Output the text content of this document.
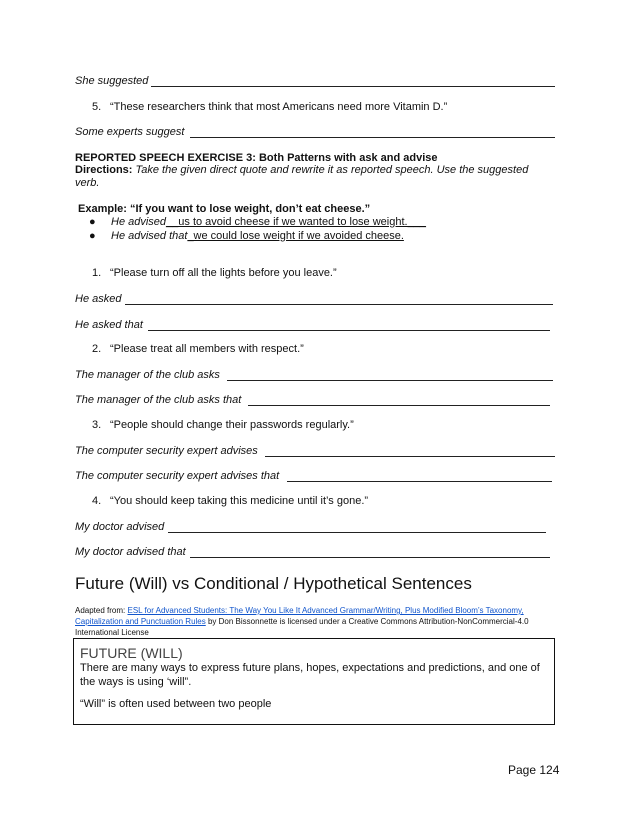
She suggested
5. “These researchers think that most Americans need more Vitamin D.”
Some experts suggest
REPORTED SPEECH EXERCISE 3: Both Patterns with ask and advise
Directions: Take the given direct quote and rewrite it as reported speech. Use the suggested verb.
Example: “If you want to lose weight, don’t eat cheese.”
● He advised__us to avoid cheese if we wanted to lose weight.___
● He advised that_we could lose weight if we avoided cheese.
1. “Please turn off all the lights before you leave.”
He asked
He asked that
2. “Please treat all members with respect.”
The manager of the club asks
The manager of the club asks that
3. “People should change their passwords regularly.”
The computer security expert advises
The computer security expert advises that
4. “You should keep taking this medicine until it’s gone.”
My doctor advised
My doctor advised that
Future (Will) vs Conditional / Hypothetical Sentences
Adapted from: ESL for Advanced Students: The Way You Like It Advanced Grammar/Writing, Plus Modified Bloom’s Taxonomy, Capitalization and Punctuation Rules by Don Bissonnette is licensed under a Creative Commons Attribution-NonCommercial-4.0 International License
FUTURE (WILL)
There are many ways to express future plans, hopes, expectations and predictions, and one of the ways is using ‘will”.
“Will” is often used between two people
Page 124
